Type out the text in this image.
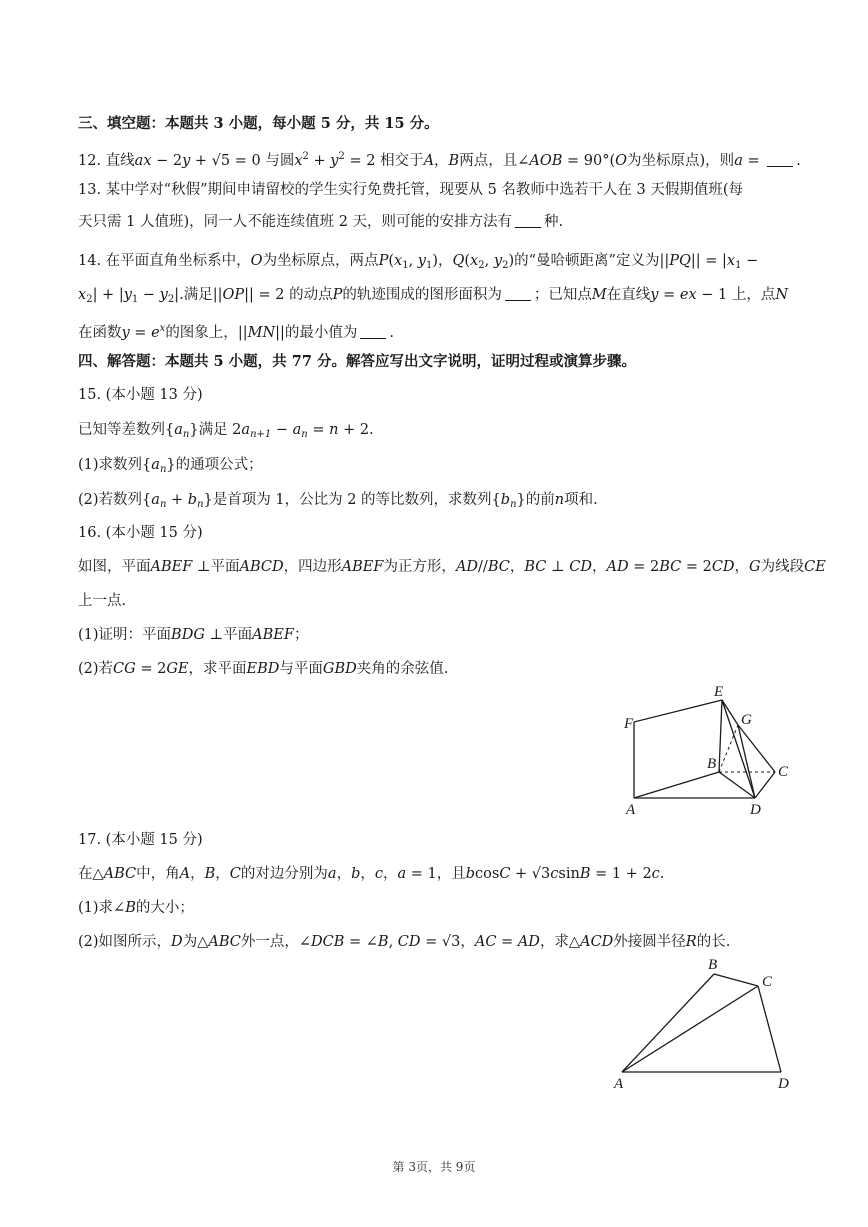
三、填空题：本题共 3 小题，每小题 5 分，共 15 分。
12. 直线ax − 2y + √5 = 0 与圆$x^2 + y^2 = 2$ 相交于A，B两点，且∠AOB = 90°(O为坐标原点)，则a = .
13. 某中学对“秋假”期间申请留校的学生实行免费托管，现要从 5 名教师中选若干人在 3 天假期值班(每
天只需 1 人值班)，同一人不能连续值班 2 天，则可能的安排方法有 种.
14. 在平面直角坐标系中，O为坐标原点，两点$P(x_1$, $y_1$)，$Q(x_2$, $y_2$)的“曼哈顿距离”定义为$||PQ|| = |x_1$ −
$x_2| + |y_1 - y_2|$.满足||OP|| = 2 的动点P的轨迹围成的图形面积为 ；已知点M在直线y = ex − 1 上，点N
在函数$y = e^x$的图象上，||MN||的最小值为 .
四、解答题：本题共 5 小题，共 77 分。解答应写出文字说明，证明过程或演算步骤。
15. (本小题 13 分)
已知等差数列$\{a_n\}$满足 $2a_{n+1} - a_n = n + 2$.
(1)求数列$\{a_n\}$的通项公式；
(2)若数列$\{a_n + b_n\}$是首项为 1，公比为 2 的等比数列，求数列$\{b_n\}$的前n项和.
16. (本小题 15 分)
如图，平面ABEF ⊥平面ABCD，四边形ABEF为正方形，AD//BC，BC ⊥ CD，AD = 2BC = 2CD，G为线段CE
上一点.
(1)证明：平面BDG ⊥平面ABEF；
(2)若CG = 2GE，求平面EBD与平面GBD夹角的余弦值.
F
E
G
B	C
A	D
17. (本小题 15 分)
在△ABC中，角A，B，C的对边分别为a，b，c，a = 1，且bcosC + √3csinB = 1 + 2c.
(1)求∠B的大小；
(2)如图所示，D为△ABC外一点，∠DCB = ∠B, CD = √3，AC = AD，求△ACD外接圆半径R的长.
B
C
A	D
第 3页，共 9页
